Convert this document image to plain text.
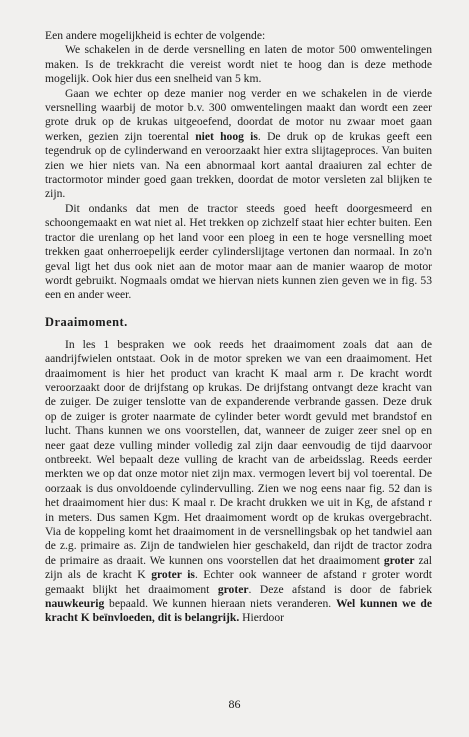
Een andere mogelijkheid is echter de volgende:

We schakelen in de derde versnelling en laten de motor 500 omwentelingen maken. Is de trekkracht die vereist wordt niet te hoog dan is deze methode mogelijk. Ook hier dus een snelheid van 5 km.

Gaan we echter op deze manier nog verder en we schakelen in de vierde versnelling waarbij de motor b.v. 300 omwentelingen maakt dan wordt een zeer grote druk op de krukas uitgeoefend, doordat de motor nu zwaar moet gaan werken, gezien zijn toerental niet hoog is. De druk op de krukas geeft een tegendruk op de cylinderwand en veroorzaakt hier extra slijtageproces. Van buiten zien we hier niets van. Na een abnormaal kort aantal draaiuren zal echter de tractormotor minder goed gaan trekken, doordat de motor versleten zal blijken te zijn.

Dit ondanks dat men de tractor steeds goed heeft doorgesmeerd en schoongemaakt en wat niet al. Het trekken op zichzelf staat hier echter buiten. Een tractor die urenlang op het land voor een ploeg in een te hoge versnelling moet trekken gaat onherroepelijk eerder cylinderslijtage vertonen dan normaal. In zo'n geval ligt het dus ook niet aan de motor maar aan de manier waarop de motor wordt gebruikt. Nogmaals omdat we hiervan niets kunnen zien geven we in fig. 53 een en ander weer.

Draaimoment.

In les 1 bespraken we ook reeds het draaimoment zoals dat aan de aandrijfwielen ontstaat. Ook in de motor spreken we van een draaimoment. Het draaimoment is hier het product van kracht K maal arm r. De kracht wordt veroorzaakt door de drijfstang op krukas. De drijfstang ontvangt deze kracht van de zuiger. De zuiger tenslotte van de expanderende verbrande gassen. Deze druk op de zuiger is groter naarmate de cylinder beter wordt gevuld met brandstof en lucht. Thans kunnen we ons voorstellen, dat, wanneer de zuiger zeer snel op en neer gaat deze vulling minder volledig zal zijn daar eenvoudig de tijd daarvoor ontbreekt. Wel bepaalt deze vulling de kracht van de arbeidsslag. Reeds eerder merkten we op dat onze motor niet zijn max. vermogen levert bij vol toerental. De oorzaak is dus onvoldoende cylindervulling. Zien we nog eens naar fig. 52 dan is het draaimoment hier dus: K maal r. De kracht drukken we uit in Kg, de afstand r in meters. Dus samen Kgm. Het draaimoment wordt op de krukas overgebracht. Via de koppeling komt het draaimoment in de versnellingsbak op het tandwiel aan de z.g. primaire as. Zijn de tandwielen hier geschakeld, dan rijdt de tractor zodra de primaire as draait. We kunnen ons voorstellen dat het draaimoment groter zal zijn als de kracht K groter is. Echter ook wanneer de afstand r groter wordt gemaakt blijkt het draaimoment groter. Deze afstand is door de fabriek nauwkeurig bepaald. We kunnen hieraan niets veranderen. Wel kunnen we de kracht K beïnvloeden, dit is belangrijk. Hierdoor

86
